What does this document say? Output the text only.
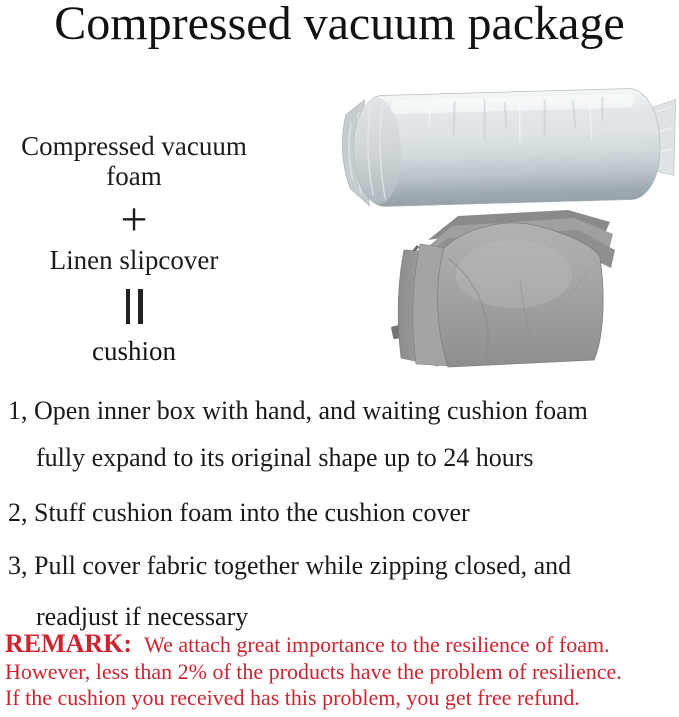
Compressed vacuum package
Compressed vacuum foam
+
Linen slipcover
cushion
1, Open inner box with hand, and waiting cushion foam
fully expand to its original shape up to 24 hours
2, Stuff cushion foam into the cushion cover
3, Pull cover fabric together while zipping closed, and
readjust if necessary
REMARK: We attach great importance to the resilience of foam.
However, less than 2% of the products have the problem of resilience.
If the cushion you received has this problem, you get free refund.
